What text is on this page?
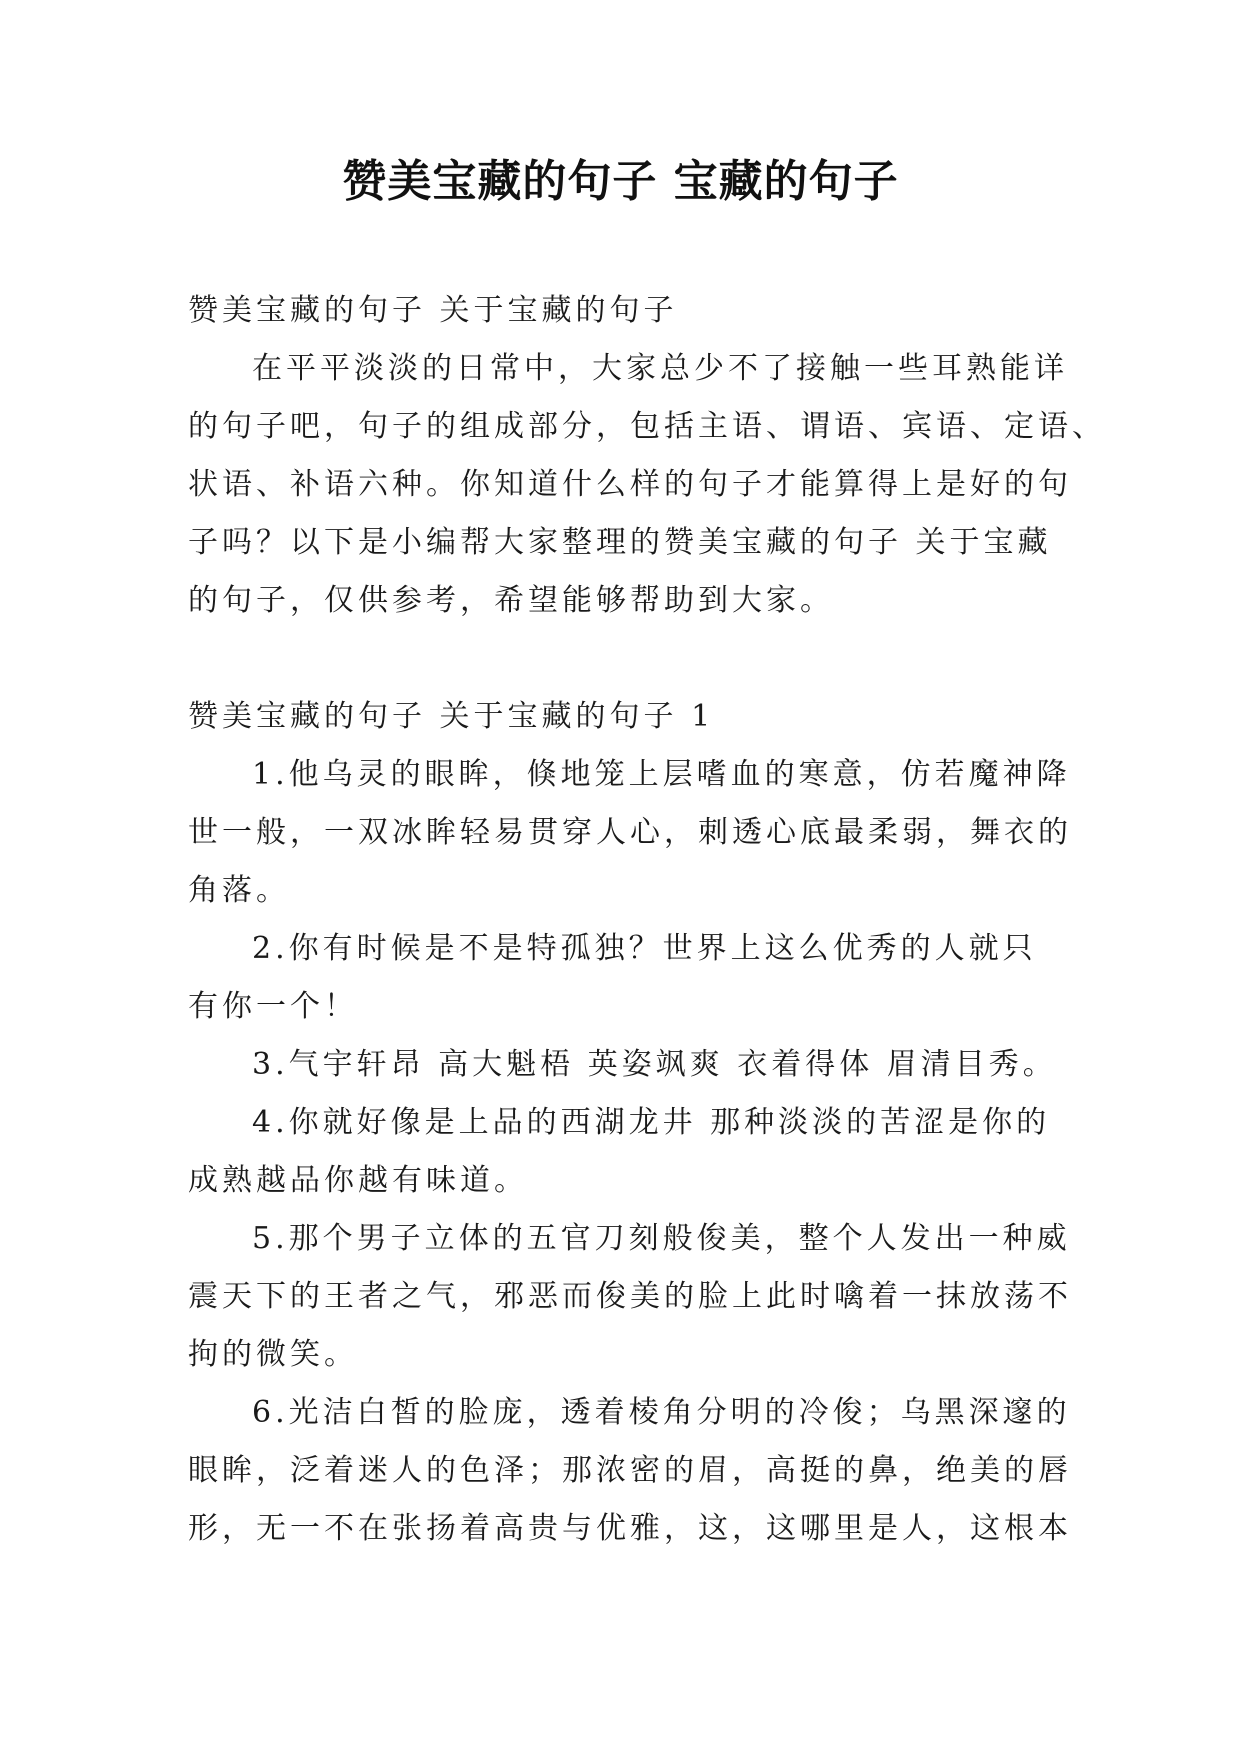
赞美宝藏的句子 宝藏的句子
赞美宝藏的句子 关于宝藏的句子
在平平淡淡的日常中，大家总少不了接触一些耳熟能详
的句子吧，句子的组成部分，包括主语、谓语、宾语、定语、
状语、补语六种。你知道什么样的句子才能算得上是好的句
子吗？以下是小编帮大家整理的赞美宝藏的句子 关于宝藏
的句子，仅供参考，希望能够帮助到大家。
赞美宝藏的句子 关于宝藏的句子 1
1.他乌灵的眼眸，倏地笼上层嗜血的寒意，仿若魔神降
世一般，一双冰眸轻易贯穿人心，刺透心底最柔弱，舞衣的
角落。
2.你有时候是不是特孤独？世界上这么优秀的人就只
有你一个！
3.气宇轩昂 高大魁梧 英姿飒爽 衣着得体 眉清目秀。
4.你就好像是上品的西湖龙井 那种淡淡的苦涩是你的
成熟越品你越有味道。
5.那个男子立体的五官刀刻般俊美，整个人发出一种威
震天下的王者之气，邪恶而俊美的脸上此时噙着一抹放荡不
拘的微笑。
6.光洁白皙的脸庞，透着棱角分明的冷俊；乌黑深邃的
眼眸，泛着迷人的色泽；那浓密的眉，高挺的鼻，绝美的唇
形，无一不在张扬着高贵与优雅，这，这哪里是人，这根本
